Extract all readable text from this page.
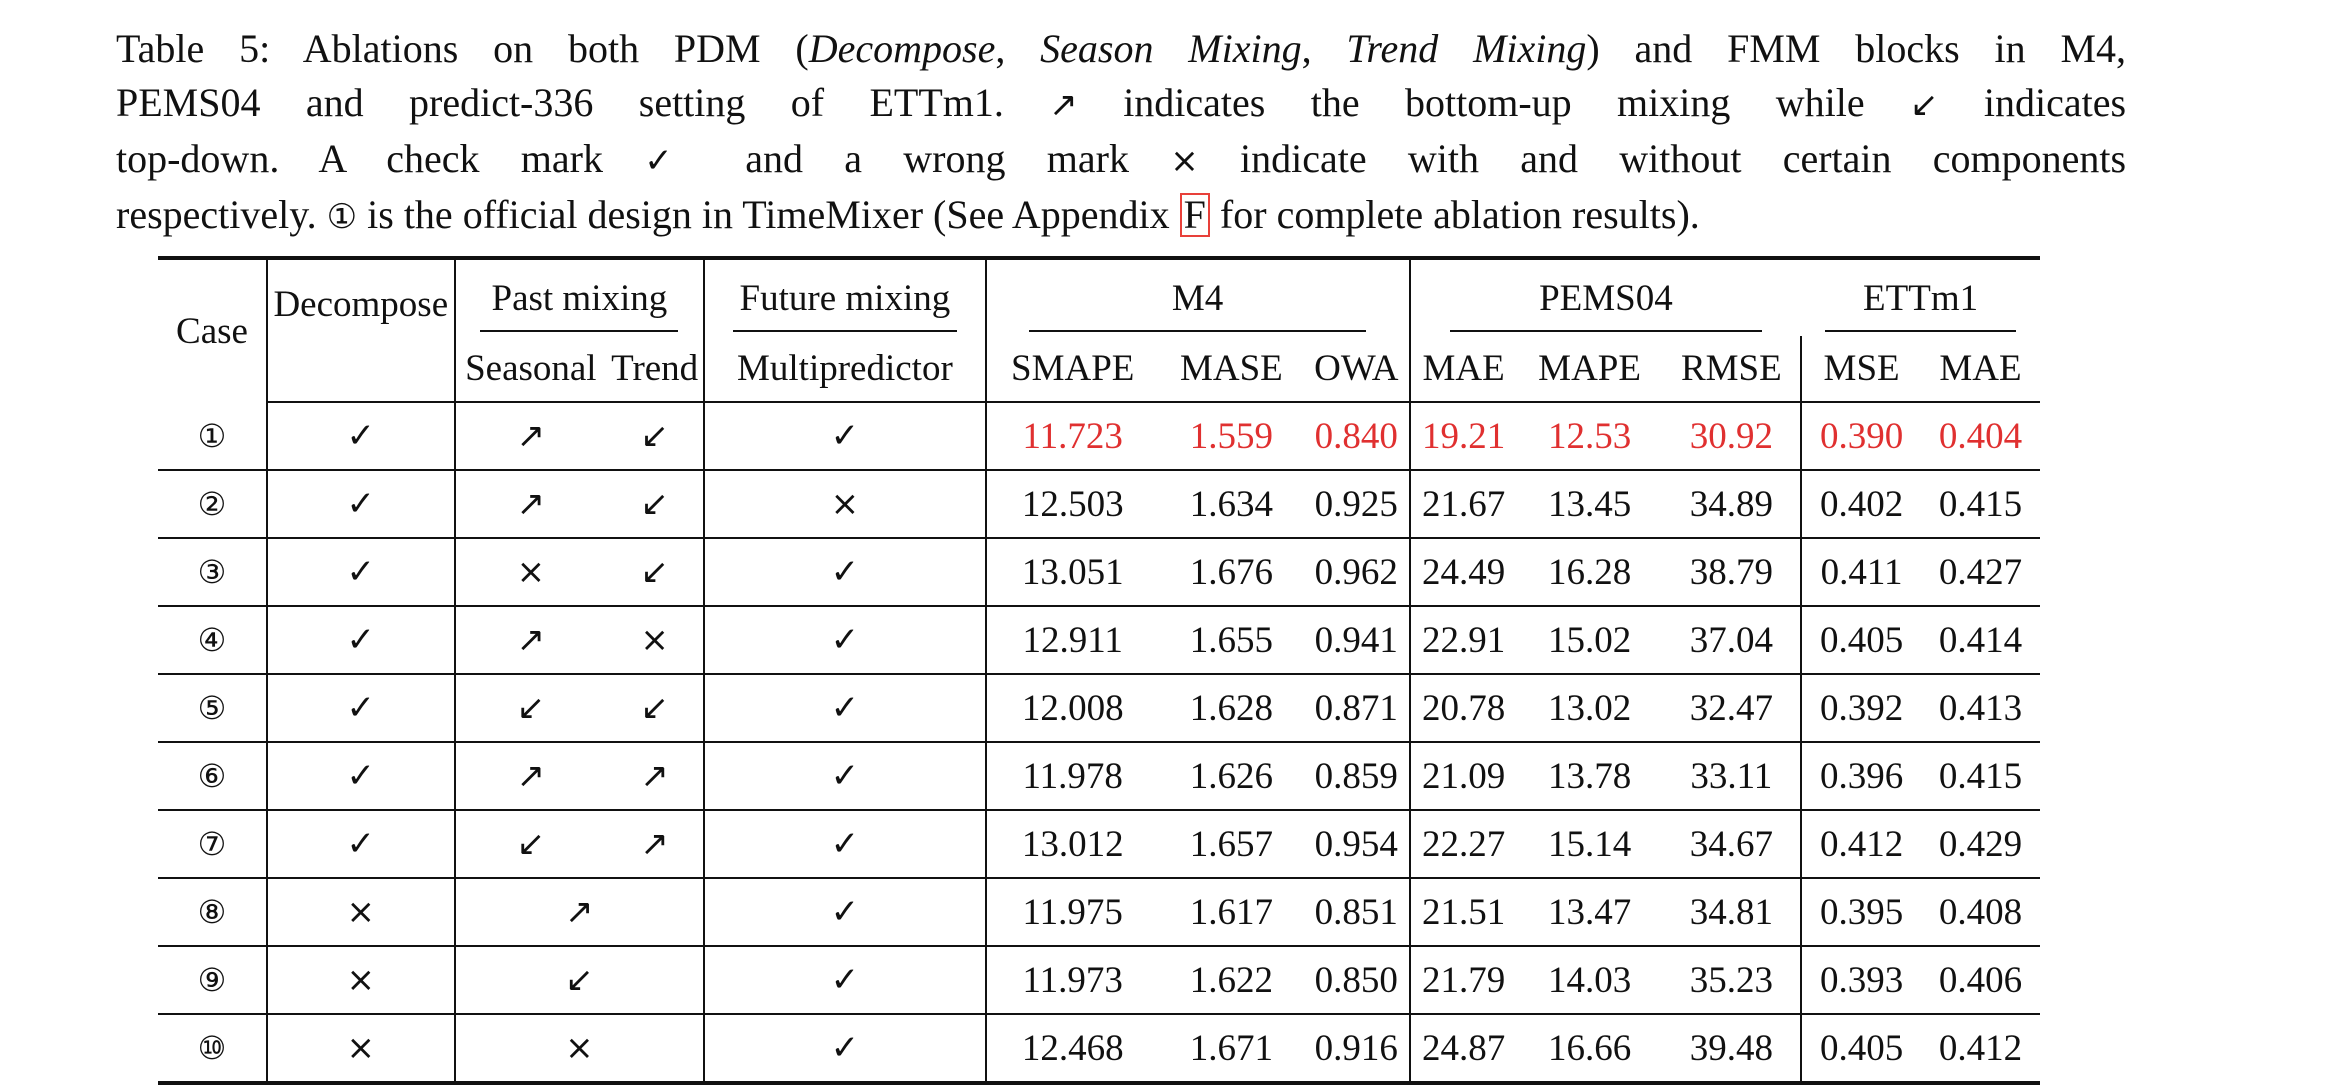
Table 5: Ablations on both PDM (Decompose, Season Mixing, Trend Mixing) and FMM blocks in M4,
PEMS04 and predict-336 setting of ETTm1. ↗ indicates the bottom-up mixing while ↙ indicates
top-down. A check mark ✓ and a wrong mark × indicate with and without certain components
respectively. ① is the official design in TimeMixer (See Appendix F for complete ablation results).
Case	Decompose	Past mixing		Future mixing	M4			PEMS04			ETTm1	

		Seasonal	Trend	Multipredictor	SMAPE	MASE	OWA	MAE	MAPE	RMSE	MSE	MAE
①	✓	↗	↙	✓	11.723	1.559	0.840	19.21	12.53	30.92	0.390	0.404
②	✓	↗	↙	×	12.503	1.634	0.925	21.67	13.45	34.89	0.402	0.415
③	✓	×	↙	✓	13.051	1.676	0.962	24.49	16.28	38.79	0.411	0.427
④	✓	↗	×	✓	12.911	1.655	0.941	22.91	15.02	37.04	0.405	0.414
⑤	✓	↙	↙	✓	12.008	1.628	0.871	20.78	13.02	32.47	0.392	0.413
⑥	✓	↗	↗	✓	11.978	1.626	0.859	21.09	13.78	33.11	0.396	0.415
⑦	✓	↙	↗	✓	13.012	1.657	0.954	22.27	15.14	34.67	0.412	0.429
⑧	×	↗		✓	11.975	1.617	0.851	21.51	13.47	34.81	0.395	0.408
⑨	×	↙		✓	11.973	1.622	0.850	21.79	14.03	35.23	0.393	0.406
⑩	×	×		✓	12.468	1.671	0.916	24.87	16.66	39.48	0.405	0.412
